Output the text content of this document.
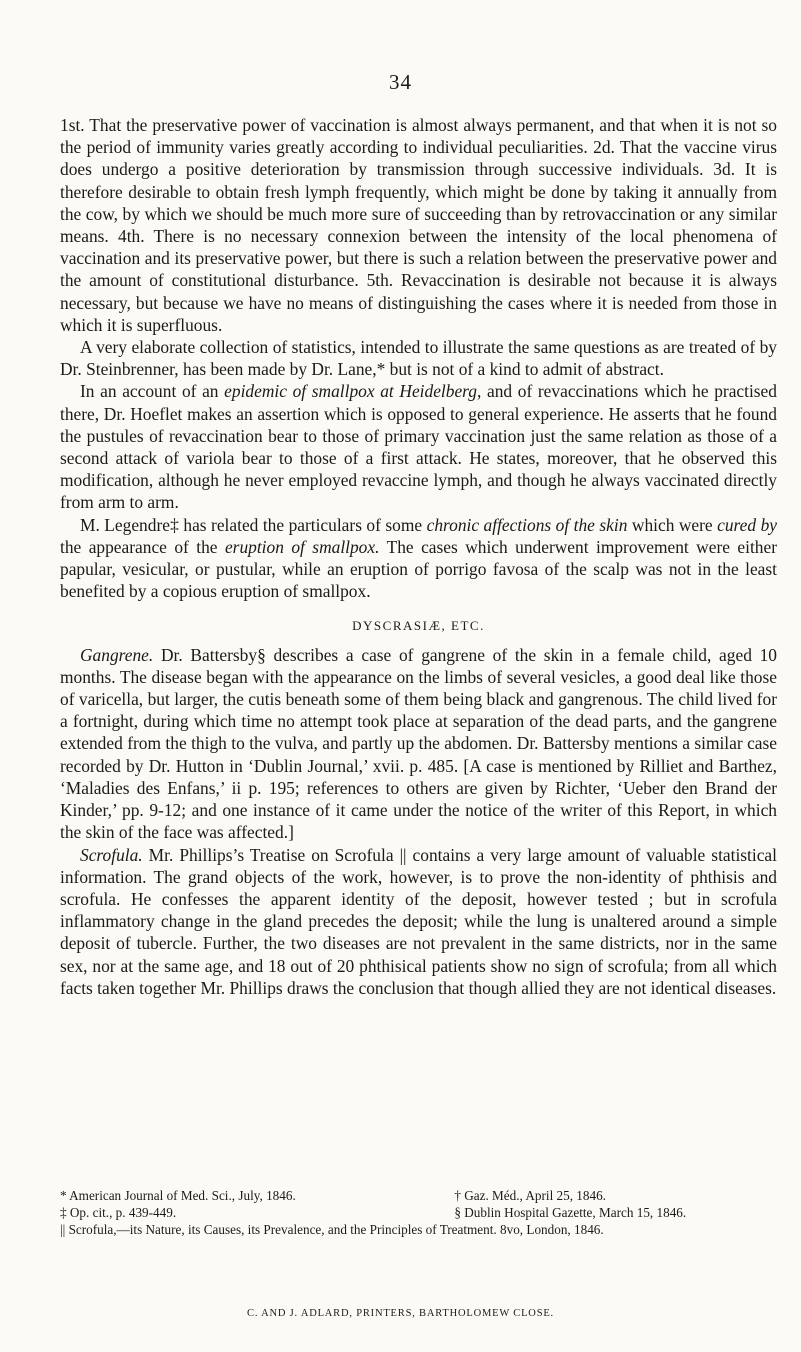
34

1st. That the preservative power of vaccination is almost always permanent, and that when it is not so the period of immunity varies greatly according to individual peculiarities. 2d. That the vaccine virus does undergo a positive deterioration by transmission through successive individuals. 3d. It is therefore desirable to obtain fresh lymph frequently, which might be done by taking it annually from the cow, by which we should be much more sure of succeeding than by retrovaccination or any similar means. 4th. There is no necessary connexion between the intensity of the local phenomena of vaccination and its preservative power, but there is such a relation between the preservative power and the amount of constitutional disturbance. 5th. Revaccination is desirable not because it is always necessary, but because we have no means of distinguishing the cases where it is needed from those in which it is superfluous.

A very elaborate collection of statistics, intended to illustrate the same questions as are treated of by Dr. Steinbrenner, has been made by Dr. Lane,* but is not of a kind to admit of abstract.

In an account of an epidemic of smallpox at Heidelberg, and of revaccinations which he practised there, Dr. Hoeflet makes an assertion which is opposed to general experience. He asserts that he found the pustules of revaccination bear to those of primary vaccination just the same relation as those of a second attack of variola bear to those of a first attack. He states, moreover, that he observed this modification, although he never employed revaccine lymph, and though he always vaccinated directly from arm to arm.

M. Legendre‡ has related the particulars of some chronic affections of the skin which were cured by the appearance of the eruption of smallpox. The cases which underwent improvement were either papular, vesicular, or pustular, while an eruption of porrigo favosa of the scalp was not in the least benefited by a copious eruption of smallpox.

DYSCRASIÆ, ETC.

Gangrene. Dr. Battersby§ describes a case of gangrene of the skin in a female child, aged 10 months. The disease began with the appearance on the limbs of several vesicles, a good deal like those of varicella, but larger, the cutis beneath some of them being black and gangrenous. The child lived for a fortnight, during which time no attempt took place at separation of the dead parts, and the gangrene extended from the thigh to the vulva, and partly up the abdomen. Dr. Battersby mentions a similar case recorded by Dr. Hutton in ‘Dublin Journal,’ xvii. p. 485. [A case is mentioned by Rilliet and Barthez, ‘Maladies des Enfans,’ ii p. 195; references to others are given by Richter, ‘Ueber den Brand der Kinder,’ pp. 9-12; and one instance of it came under the notice of the writer of this Report, in which the skin of the face was affected.]

Scrofula. Mr. Phillips’s Treatise on Scrofula || contains a very large amount of valuable statistical information. The grand objects of the work, however, is to prove the non-identity of phthisis and scrofula. He confesses the apparent identity of the deposit, however tested ; but in scrofula inflammatory change in the gland precedes the deposit; while the lung is unaltered around a simple deposit of tubercle. Further, the two diseases are not prevalent in the same districts, nor in the same sex, nor at the same age, and 18 out of 20 phthisical patients show no sign of scrofula; from all which facts taken together Mr. Phillips draws the conclusion that though allied they are not identical diseases.

* American Journal of Med. Sci., July, 1846.	† Gaz. Méd., April 25, 1846.
‡ Op. cit., p. 439-449.	§ Dublin Hospital Gazette, March 15, 1846.
|| Scrofula,—its Nature, its Causes, its Prevalence, and the Principles of Treatment. 8vo, London, 1846.
C. AND J. ADLARD, PRINTERS, BARTHOLOMEW CLOSE.
